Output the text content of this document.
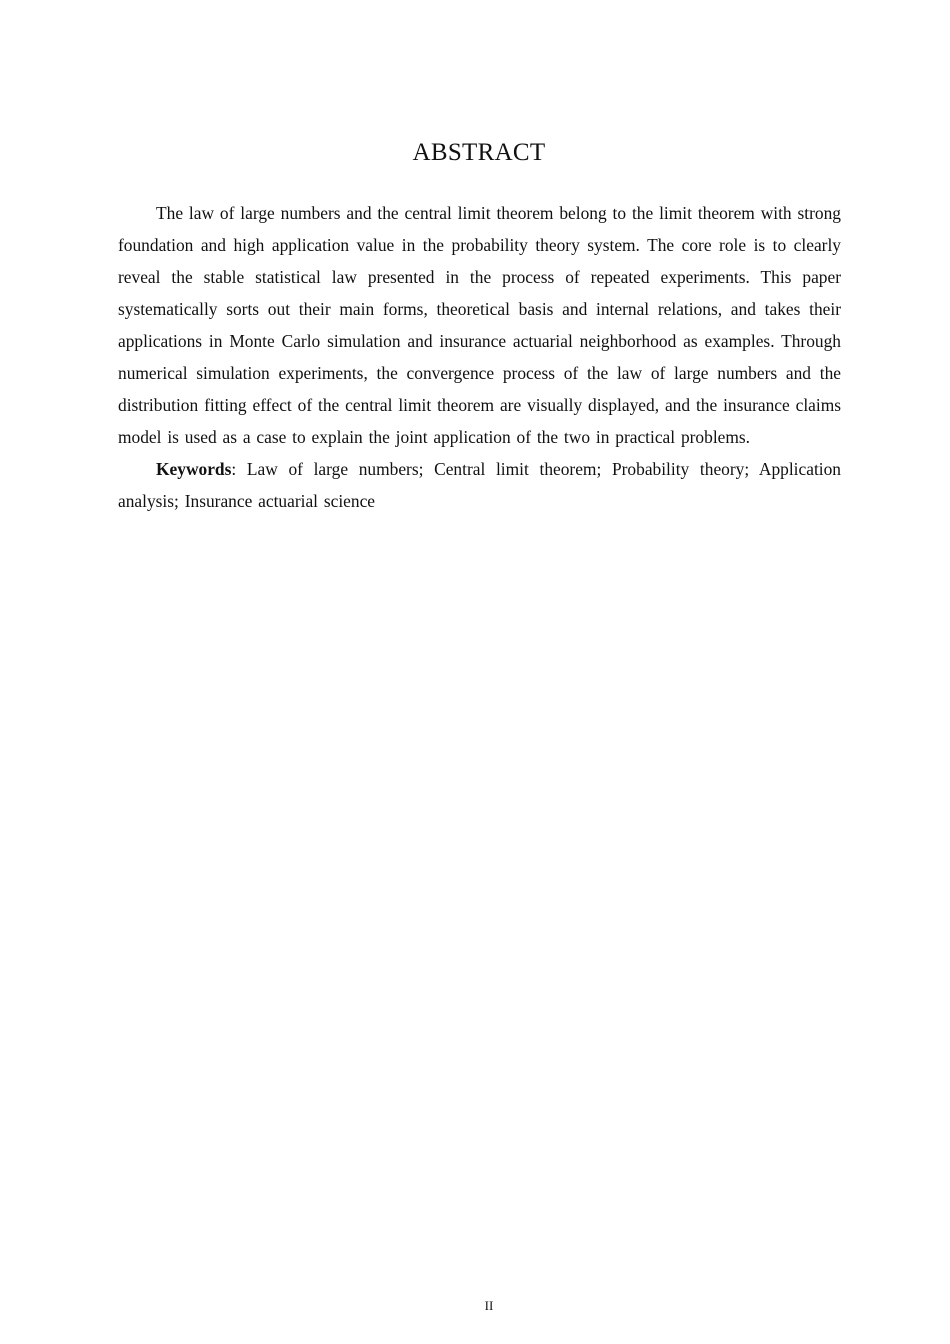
ABSTRACT

The law of large numbers and the central limit theorem belong to the limit theorem with strong foundation and high application value in the probability theory system. The core role is to clearly reveal the stable statistical law presented in the process of repeated experiments. This paper systematically sorts out their main forms, theoretical basis and internal relations, and takes their applications in Monte Carlo simulation and insurance actuarial neighborhood as examples. Through numerical simulation experiments, the convergence process of the law of large numbers and the distribution fitting effect of the central limit theorem are visually displayed, and the insurance claims model is used as a case to explain the joint application of the two in practical problems.

Keywords: Law of large numbers; Central limit theorem; Probability theory; Application analysis; Insurance actuarial science

II
